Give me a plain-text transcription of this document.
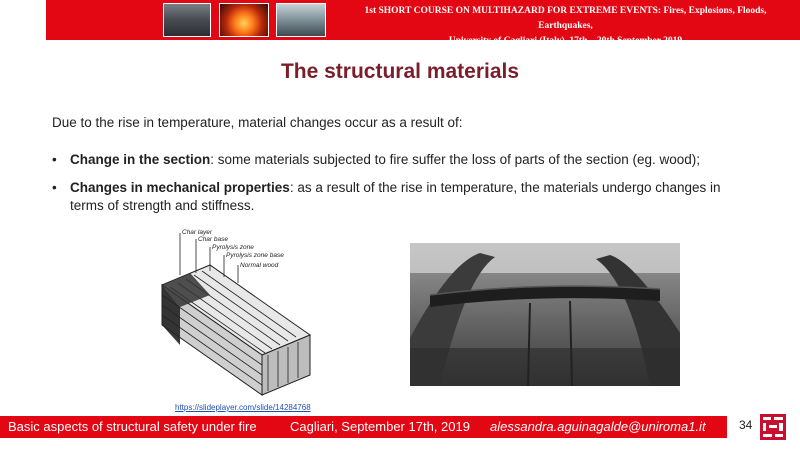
1st SHORT COURSE ON MULTIHAZARD FOR EXTREME EVENTS: Fires, Explosions, Floods, Earthquakes,
University of Cagliari (Italy), 17th – 20th September 2019
The structural materials
Due to the rise in temperature, material changes occur as a result of:
• Change in the section: some materials subjected to fire suffer the loss of parts of the section (eg. wood);
• Changes in mechanical properties: as a result of the rise in temperature, the materials undergo changes in terms of strength and stiffness.
Char layer
Char base
Pyrolysis zone
Pyrolysis zone base
Normal wood
https://slideplayer.com/slide/14284768
Basic aspects of structural safety under fire	Cagliari, September 17th, 2019 alessandra.aguinagalde@uniroma1.it	34
